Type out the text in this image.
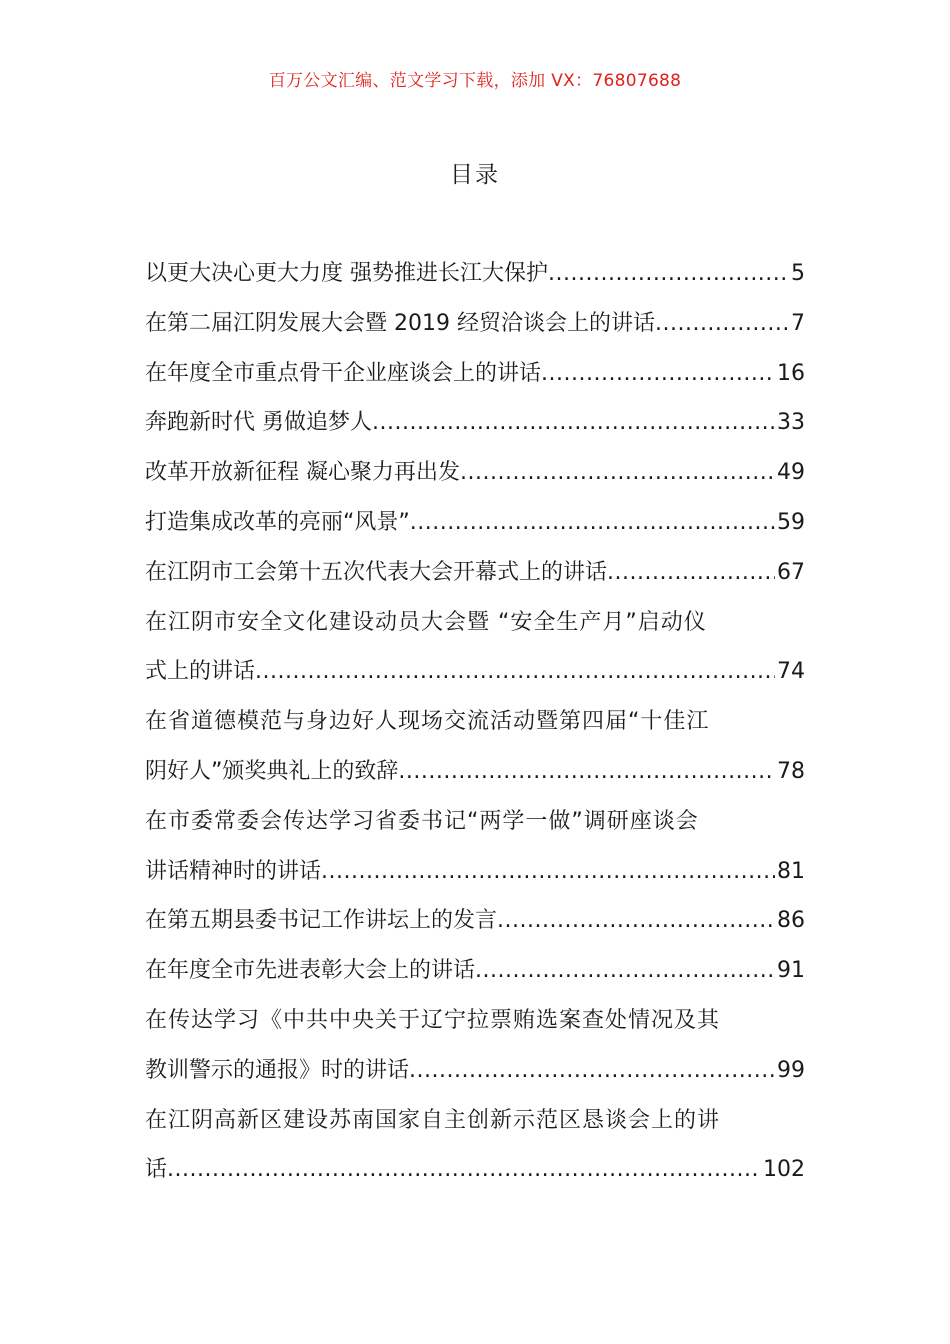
百万公文汇编、范文学习下载，添加 VX：76807688
目录
以更大决心更大力度 强势推进长江大保护 .....	5
在第二届江阴发展大会暨 2019 经贸洽谈会上的讲话 .....	7
在年度全市重点骨干企业座谈会上的讲话 .....	16
奔跑新时代 勇做追梦人 .....	33
改革开放新征程 凝心聚力再出发 .....	49
打造集成改革的亮丽“风景” .....	59
在江阴市工会第十五次代表大会开幕式上的讲话 .....	67
在江阴市安全文化建设动员大会暨 “安全生产月”启动仪
式上的讲话 .....	74
在省道德模范与身边好人现场交流活动暨第四届“十佳江
阴好人”颁奖典礼上的致辞 .....	78
在市委常委会传达学习省委书记“两学一做”调研座谈会
讲话精神时的讲话 .....	81
在第五期县委书记工作讲坛上的发言 .....	86
在年度全市先进表彰大会上的讲话 .....	91
在传达学习《中共中央关于辽宁拉票贿选案查处情况及其
教训警示的通报》时的讲话 .....	99
在江阴高新区建设苏南国家自主创新示范区恳谈会上的讲
话 .....	102
